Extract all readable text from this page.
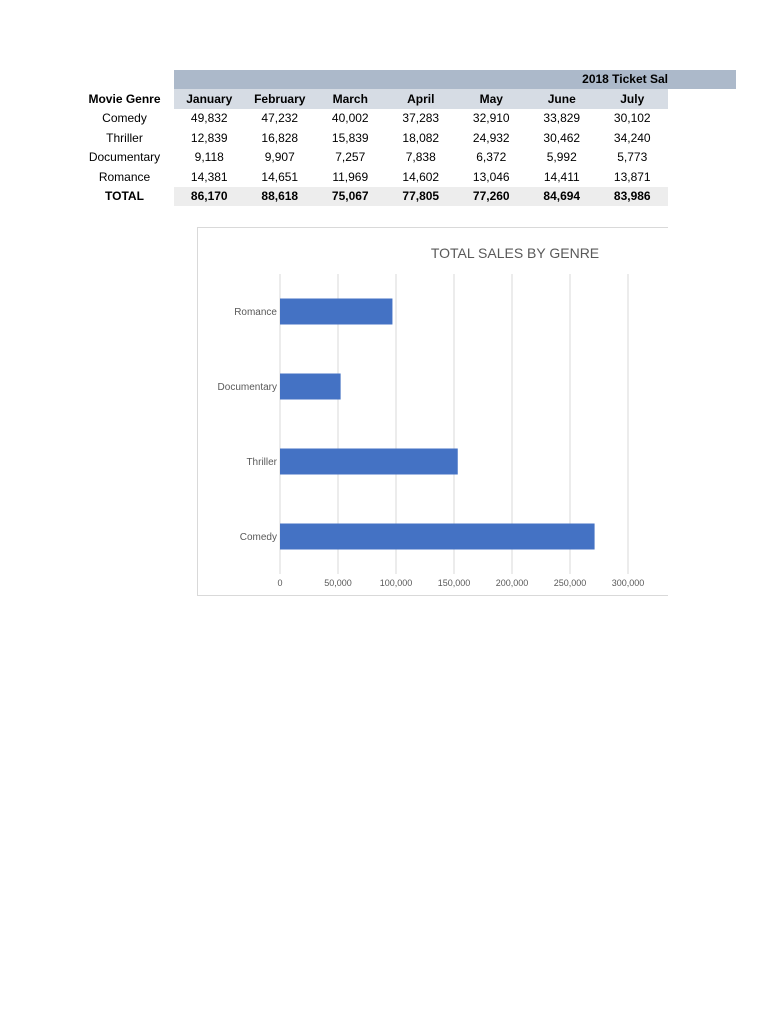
2018 Ticket Sal
Movie Genre	January	February	March	April	May	June	July
Comedy	49,832	47,232	40,002	37,283	32,910	33,829	30,102
Thriller	12,839	16,828	15,839	18,082	24,932	30,462	34,240
Documentary	9,118	9,907	7,257	7,838	6,372	5,992	5,773
Romance	14,381	14,651	11,969	14,602	13,046	14,411	13,871
TOTAL	86,170	88,618	75,067	77,805	77,260	84,694	83,986
TOTAL SALES BY GENRE
0	50,000	100,000	150,000	200,000	250,000	300,000
Comedy
Thriller
Documentary
Romance
